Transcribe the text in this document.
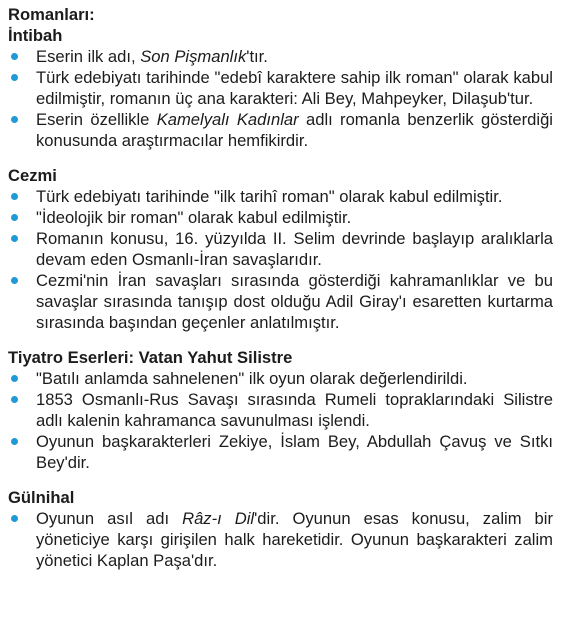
Romanları:
İntibah
Eserin ilk adı, Son Pişmanlık'tır.
Türk edebiyatı tarihinde "edebî karaktere sahip ilk roman" olarak kabul edilmiştir, romanın üç ana karakteri: Ali Bey, Mahpeyker, Dilaşub'tur.
Eserin özellikle Kamelyalı Kadınlar adlı romanla benzerlik gösterdiği konusunda araştırmacılar hemfikirdir.
Cezmi
Türk edebiyatı tarihinde "ilk tarihî roman" olarak kabul edilmiştir.
"İdeolojik bir roman" olarak kabul edilmiştir.
Romanın konusu, 16. yüzyılda II. Selim devrinde başlayıp aralıklarla devam eden Osmanlı-İran savaşlarıdır.
Cezmi'nin İran savaşları sırasında gösterdiği kahramanlıklar ve bu savaşlar sırasında tanışıp dost olduğu Adil Giray'ı esaretten kurtarma sırasında başından geçenler anlatılmıştır.
Tiyatro Eserleri: Vatan Yahut Silistre
"Batılı anlamda sahnelenen" ilk oyun olarak değerlendirildi.
1853 Osmanlı-Rus Savaşı sırasında Rumeli topraklarındaki Silistre adlı kalenin kahramanca savunulması işlendi.
Oyunun başkarakterleri Zekiye, İslam Bey, Abdullah Çavuş ve Sıtkı Bey'dir.
Gülnihal
Oyunun asıl adı Râz-ı Dil'dir. Oyunun esas konusu, zalim bir yöneticiye karşı girişilen halk hareketidir. Oyunun başkarakteri zalim yönetici Kaplan Paşa'dır.
